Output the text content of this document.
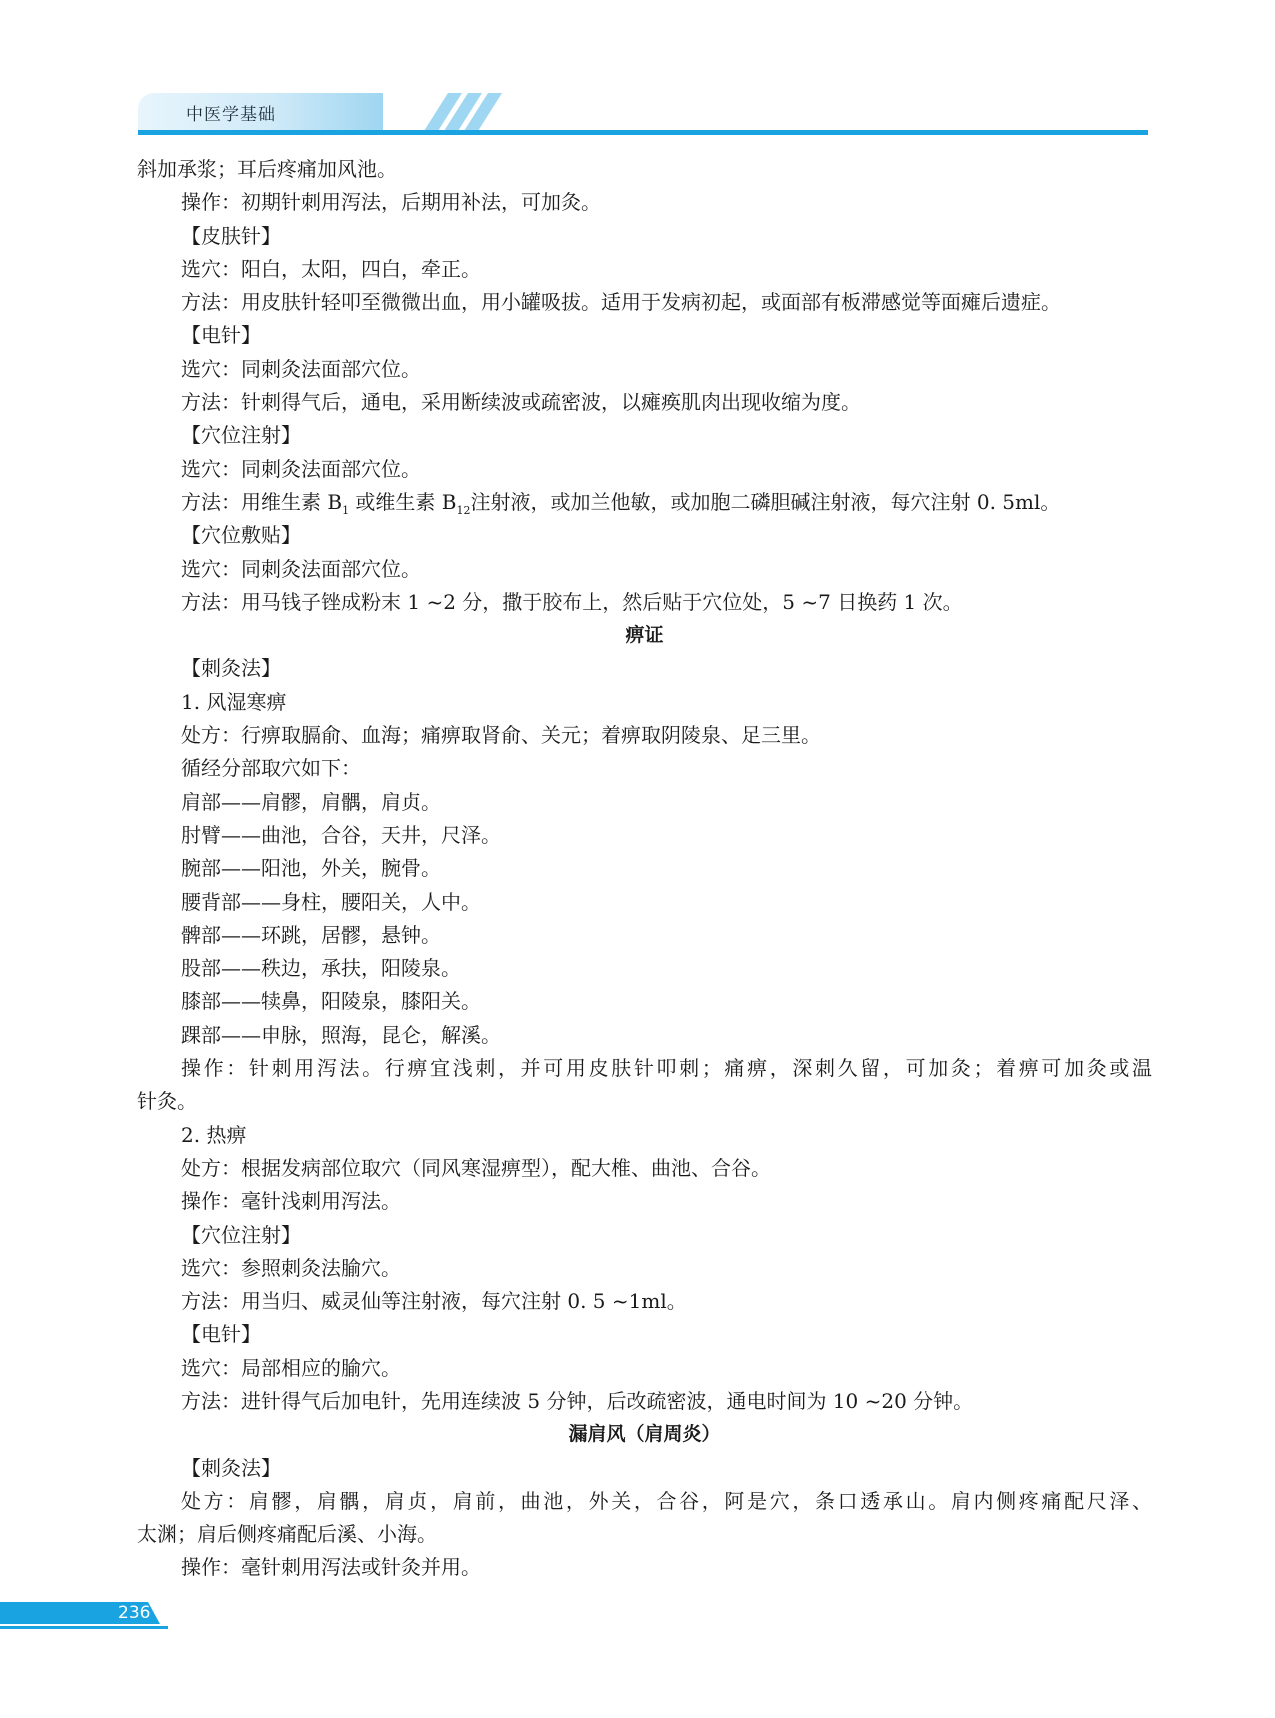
中医学基础
斜加承浆；耳后疼痛加风池。
操作：初期针刺用泻法，后期用补法，可加灸。
【皮肤针】
选穴：阳白，太阳，四白，牵正。
方法：用皮肤针轻叩至微微出血，用小罐吸拔。适用于发病初起，或面部有板滞感觉等面瘫后遗症。
【电针】
选穴：同刺灸法面部穴位。
方法：针刺得气后，通电，采用断续波或疏密波，以瘫痪肌肉出现收缩为度。
【穴位注射】
选穴：同刺灸法面部穴位。
方法：用维生素 $B_1$ 或维生素 $B_{12}$注射液，或加兰他敏，或加胞二磷胆碱注射液，每穴注射 0. 5ml。
【穴位敷贴】
选穴：同刺灸法面部穴位。
方法：用马钱子锉成粉末 1 ~2 分，撒于胶布上，然后贴于穴位处，5 ~7 日换药 1 次。
痹证
【刺灸法】
1. 风湿寒痹
处方：行痹取膈俞、血海；痛痹取肾俞、关元；着痹取阴陵泉、足三里。
循经分部取穴如下：
肩部——肩髎，肩髃，肩贞。
肘臂——曲池，合谷，天井，尺泽。
腕部——阳池，外关，腕骨。
腰背部——身柱，腰阳关，人中。
髀部——环跳，居髎，悬钟。
股部——秩边，承扶，阳陵泉。
膝部——犊鼻，阳陵泉，膝阳关。
踝部——申脉，照海，昆仑，解溪。
操作：针刺用泻法。行痹宜浅刺，并可用皮肤针叩刺；痛痹，深刺久留，可加灸；着痹可加灸或温
针灸。
2. 热痹
处方：根据发病部位取穴（同风寒湿痹型），配大椎、曲池、合谷。
操作：毫针浅刺用泻法。
【穴位注射】
选穴：参照刺灸法腧穴。
方法：用当归、威灵仙等注射液，每穴注射 0. 5 ~1ml。
【电针】
选穴：局部相应的腧穴。
方法：进针得气后加电针，先用连续波 5 分钟，后改疏密波，通电时间为 10 ~20 分钟。
漏肩风（肩周炎）
【刺灸法】
处方：肩髎，肩髃，肩贞，肩前，曲池，外关，合谷，阿是穴，条口透承山。肩内侧疼痛配尺泽、
太渊；肩后侧疼痛配后溪、小海。
操作：毫针刺用泻法或针灸并用。
236
